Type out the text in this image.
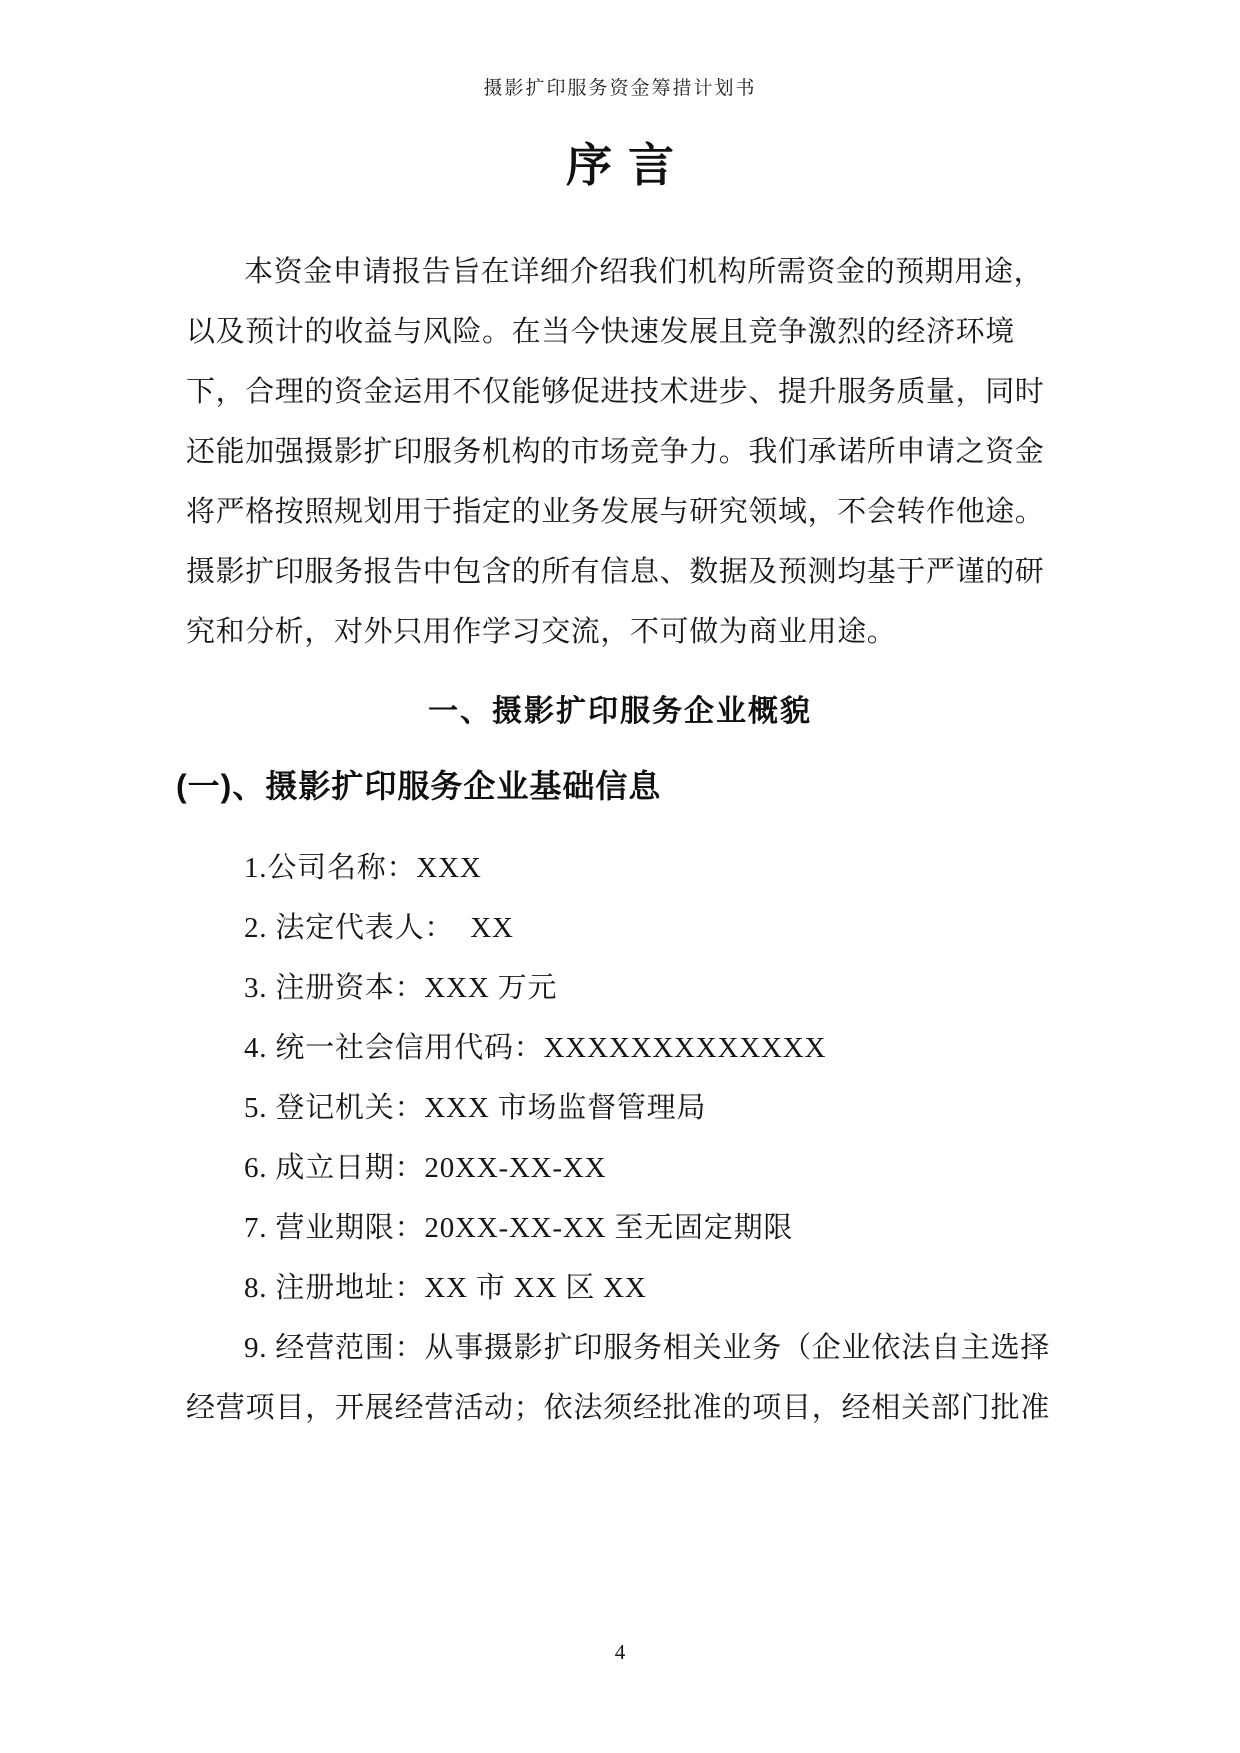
摄影扩印服务资金筹措计划书
序言
本资金申请报告旨在详细介绍我们机构所需资金的预期用途，
以及预计的收益与风险。在当今快速发展且竞争激烈的经济环境
下，合理的资金运用不仅能够促进技术进步、提升服务质量，同时
还能加强摄影扩印服务机构的市场竞争力。我们承诺所申请之资金
将严格按照规划用于指定的业务发展与研究领域，不会转作他途。
摄影扩印服务报告中包含的所有信息、数据及预测均基于严谨的研
究和分析，对外只用作学习交流，不可做为商业用途。
一、摄影扩印服务企业概貌
(一)、摄影扩印服务企业基础信息
1.公司名称：XXX
2. 法定代表人：  XX
3. 注册资本：XXX 万元
4. 统一社会信用代码：XXXXXXXXXXXXX
5. 登记机关：XXX 市场监督管理局
6. 成立日期：20XX-XX-XX
7. 营业期限：20XX-XX-XX 至无固定期限
8. 注册地址：XX 市 XX 区 XX
9. 经营范围：从事摄影扩印服务相关业务（企业依法自主选择
经营项目，开展经营活动；依法须经批准的项目，经相关部门批准
4
